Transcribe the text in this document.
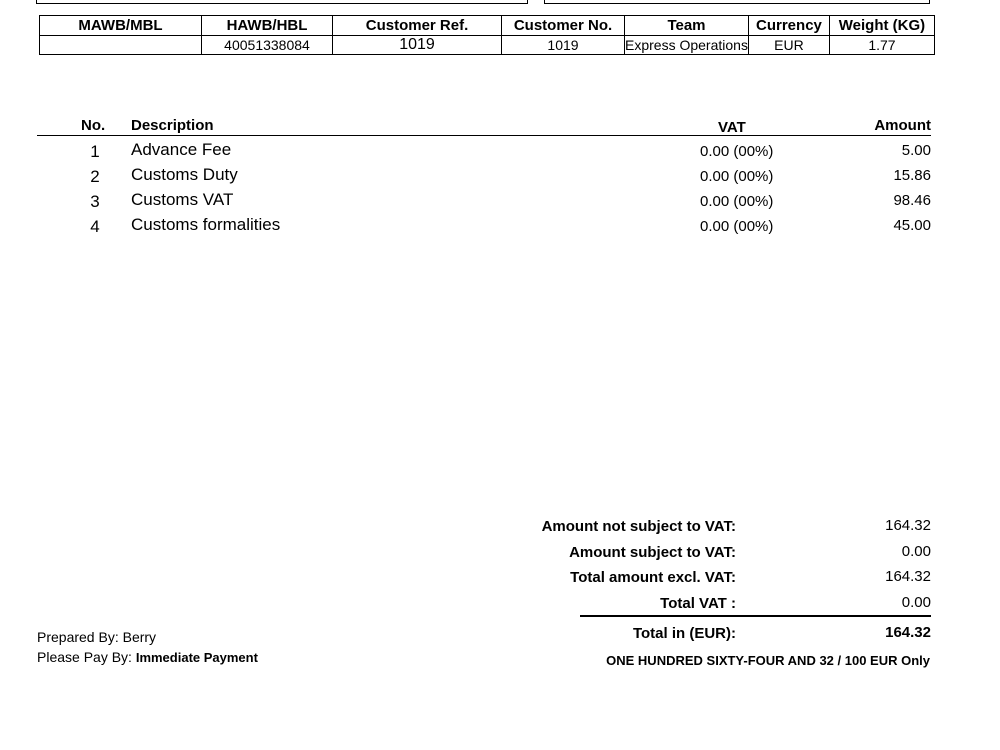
MAWB/MBL	HAWB/HBL	Customer Ref.	Customer No.	Team	Currency	Weight (KG)
	40051338084	1019	1019	Express Operations	EUR	1.77
No. Description	VAT	Amount
1 Advance Fee	0.00 (00%)	5.00
2 Customs Duty	0.00 (00%)	15.86
3 Customs VAT	0.00 (00%)	98.46
4 Customs formalities	0.00 (00%)	45.00
Amount not subject to VAT:	164.32
Amount subject to VAT:	0.00
Total amount excl. VAT:	164.32
Total VAT :	0.00
Total in (EUR):	164.32
ONE HUNDRED SIXTY-FOUR AND 32 / 100 EUR Only
Prepared By: Berry
Please Pay By: Immediate Payment
